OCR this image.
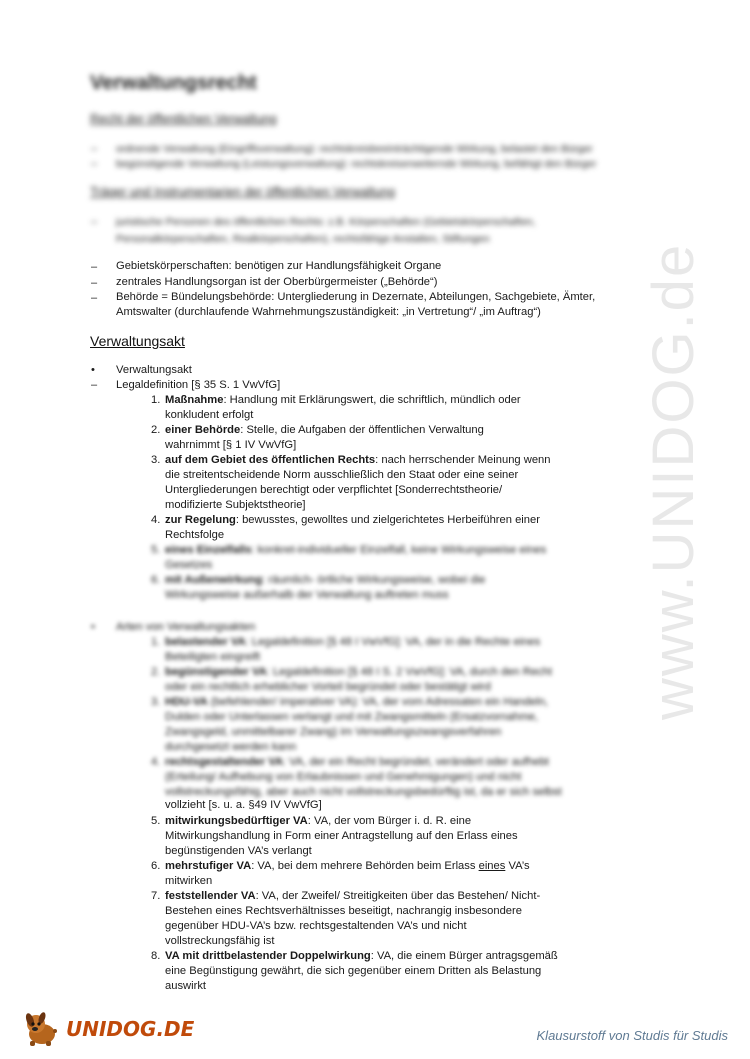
www.UNIDOG.de
Verwaltungsrecht
Recht der öffentlichen Verwaltung
– ordnende Verwaltung (Eingriffsverwaltung): rechtskreisbeeinträchtigende Wirkung, belastet den Bürger
– begünstigende Verwaltung (Leistungsverwaltung): rechtskreiserweiternde Wirkung, befähigt den Bürger
Träger und Instrumentarien der öffentlichen Verwaltung
– juristische Personen des öffentlichen Rechts: z.B. Körperschaften (Gebietskörperschaften,
Personalkörperschaften, Realkörperschaften), rechtsfähige Anstalten, Stiftungen
– Gebietskörperschaften: benötigen zur Handlungsfähigkeit Organe
– zentrales Handlungsorgan ist der Oberbürgermeister („Behörde“)
– Behörde = Bündelungsbehörde: Untergliederung in Dezernate, Abteilungen, Sachgebiete, Ämter,
Amtswalter (durchlaufende Wahrnehmungszuständigkeit: „in Vertretung“/ „im Auftrag“)
Verwaltungsakt
• Verwaltungsakt
– Legaldefinition [§ 35 S. 1 VwVfG]
1. Maßnahme: Handlung mit Erklärungswert, die schriftlich, mündlich oder
konkludent erfolgt
2. einer Behörde: Stelle, die Aufgaben der öffentlichen Verwaltung
wahrnimmt [§ 1 IV VwVfG]
3. auf dem Gebiet des öffentlichen Rechts: nach herrschender Meinung wenn
die streitentscheidende Norm ausschließlich den Staat oder eine seiner
Untergliederungen berechtigt oder verpflichtet [Sonderrechtstheorie/
modifizierte Subjektstheorie]
4. zur Regelung: bewusstes, gewolltes und zielgerichtetes Herbeiführen einer
Rechtsfolge
5. eines Einzelfalls: konkret-individueller Einzelfall, keine Wirkungsweise eines
Gesetzes
6. mit Außenwirkung: räumlich- örtliche Wirkungsweise, wobei die
Wirkungsweise außerhalb der Verwaltung auftreten muss
• Arten von Verwaltungsakten
1. belastender VA: Legaldefinition [§ 48 I VwVfG]: VA, der in die Rechte eines
Beteiligten eingreift
2. begünstigender VA: Legaldefinition [§ 48 I S. 2 VwVfG]: VA, durch den Recht
oder ein rechtlich erheblicher Vorteil begründet oder bestätigt wird
3. HDU-VA (befehlender/ imperativer VA): VA, der vom Adressaten ein Handeln,
Dulden oder Unterlassen verlangt und mit Zwangsmitteln (Ersatzvornahme,
Zwangsgeld, unmittelbarer Zwang) im Verwaltungszwangsverfahren
durchgesetzt werden kann
4. rechtsgestaltender VA: VA, der ein Recht begründet, verändert oder aufhebt
(Erteilung/ Aufhebung von Erlaubnissen und Genehmigungen) und nicht
vollstreckungsfähig, aber auch nicht vollstreckungsbedürftig ist, da er sich selbst
vollzieht [s. u. a. §49 IV VwVfG]
5. mitwirkungsbedürftiger VA: VA, der vom Bürger i. d. R. eine
Mitwirkungshandlung in Form einer Antragstellung auf den Erlass eines
begünstigenden VA’s verlangt
6. mehrstufiger VA: VA, bei dem mehrere Behörden beim Erlass eines VA’s
mitwirken
7. feststellender VA: VA, der Zweifel/ Streitigkeiten über das Bestehen/ Nicht-
Bestehen eines Rechtsverhältnisses beseitigt, nachrangig insbesondere
gegenüber HDU-VA’s bzw. rechtsgestaltenden VA’s und nicht
vollstreckungsfähig ist
8. VA mit drittbelastender Doppelwirkung: VA, die einem Bürger antragsgemäß
eine Begünstigung gewährt, die sich gegenüber einem Dritten als Belastung
auswirkt
UNIDOG.DE	Klausurstoff von Studis für Studis
